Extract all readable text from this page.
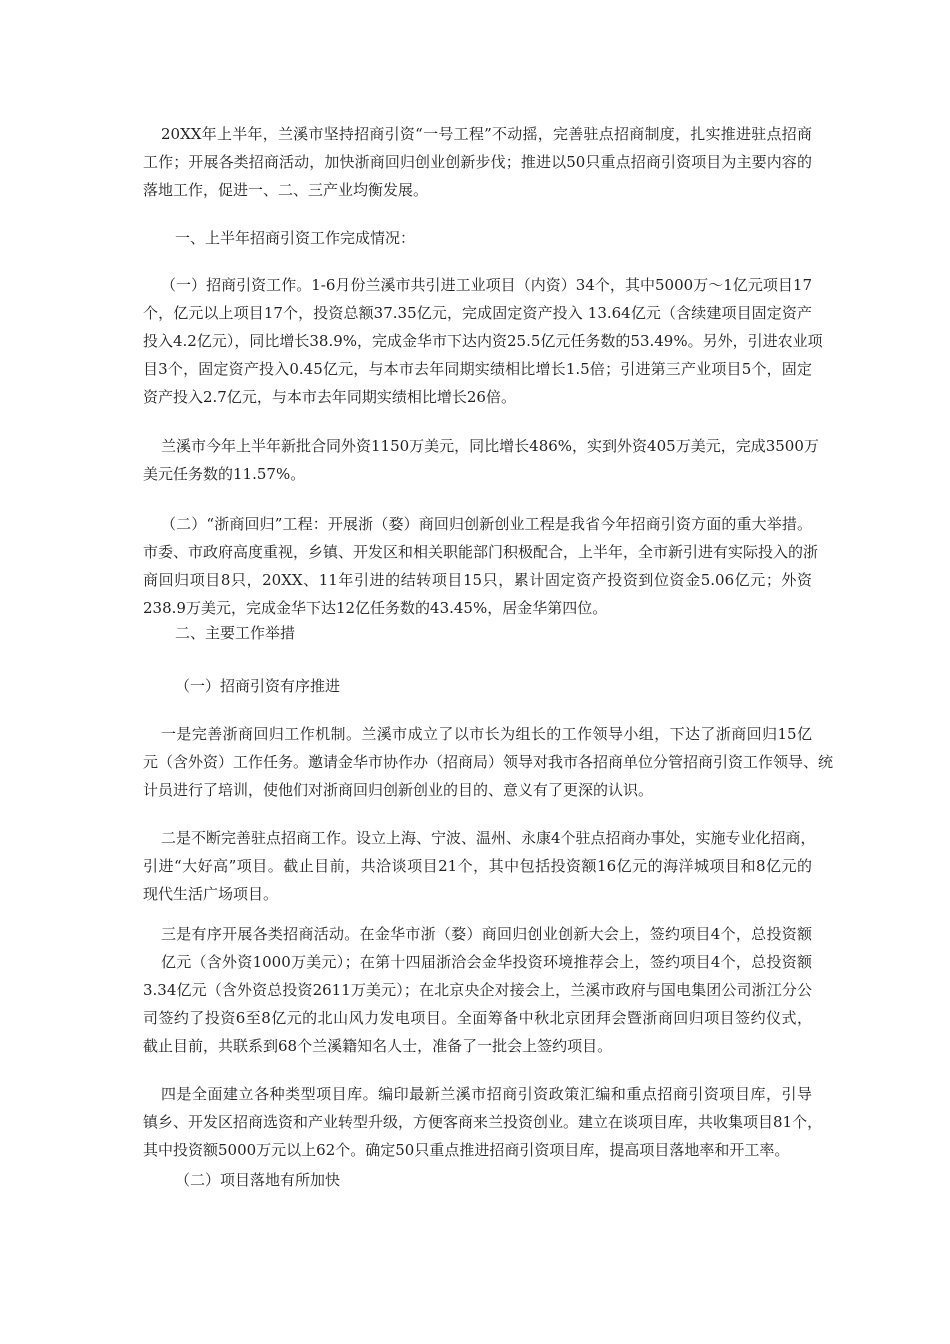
20XX年上半年，兰溪市坚持招商引资“一号工程”不动摇，完善驻点招商制度，扎实推进驻点招商
工作；开展各类招商活动，加快浙商回归创业创新步伐；推进以50只重点招商引资项目为主要内容的
落地工作，促进一、二、三产业均衡发展。
一、上半年招商引资工作完成情况：
（一）招商引资工作。1-6月份兰溪市共引进工业项目（内资）34个，其中5000万～1亿元项目17
个，亿元以上项目17个，投资总额37.35亿元，完成固定资产投入 13.64亿元（含续建项目固定资产
投入4.2亿元），同比增长38.9%，完成金华市下达内资25.5亿元任务数的53.49%。另外，引进农业项
目3个，固定资产投入0.45亿元，与本市去年同期实绩相比增长1.5倍；引进第三产业项目5个，固定
资产投入2.7亿元，与本市去年同期实绩相比增长26倍。
兰溪市今年上半年新批合同外资1150万美元，同比增长486%，实到外资405万美元，完成3500万
美元任务数的11.57%。
（二）“浙商回归”工程：开展浙（婺）商回归创新创业工程是我省今年招商引资方面的重大举措。
市委、市政府高度重视，乡镇、开发区和相关职能部门积极配合，上半年，全市新引进有实际投入的浙
商回归项目8只，20XX、11年引进的结转项目15只，累计固定资产投资到位资金5.06亿元；外资
238.9万美元，完成金华下达12亿任务数的43.45%，居金华第四位。
二、主要工作举措
（一）招商引资有序推进
一是完善浙商回归工作机制。兰溪市成立了以市长为组长的工作领导小组，下达了浙商回归15亿
元（含外资）工作任务。邀请金华市协作办（招商局）领导对我市各招商单位分管招商引资工作领导、统
计员进行了培训，使他们对浙商回归创新创业的目的、意义有了更深的认识。
二是不断完善驻点招商工作。设立上海、宁波、温州、永康4个驻点招商办事处，实施专业化招商，
引进“大好高”项目。截止目前，共洽谈项目21个，其中包括投资额16亿元的海洋城项目和8亿元的
现代生活广场项目。
三是有序开展各类招商活动。在金华市浙（婺）商回归创业创新大会上，签约项目4个，总投资额
亿元（含外资1000万美元）；在第十四届浙洽会金华投资环境推荐会上，签约项目4个，总投资额
3.34亿元（含外资总投资2611万美元）；在北京央企对接会上，兰溪市政府与国电集团公司浙江分公
司签约了投资6至8亿元的北山风力发电项目。全面筹备中秋北京团拜会暨浙商回归项目签约仪式，
截止目前，共联系到68个兰溪籍知名人士，准备了一批会上签约项目。
四是全面建立各种类型项目库。编印最新兰溪市招商引资政策汇编和重点招商引资项目库，引导
镇乡、开发区招商选资和产业转型升级，方便客商来兰投资创业。建立在谈项目库，共收集项目81个，
其中投资额5000万元以上62个。确定50只重点推进招商引资项目库，提高项目落地率和开工率。
（二）项目落地有所加快
